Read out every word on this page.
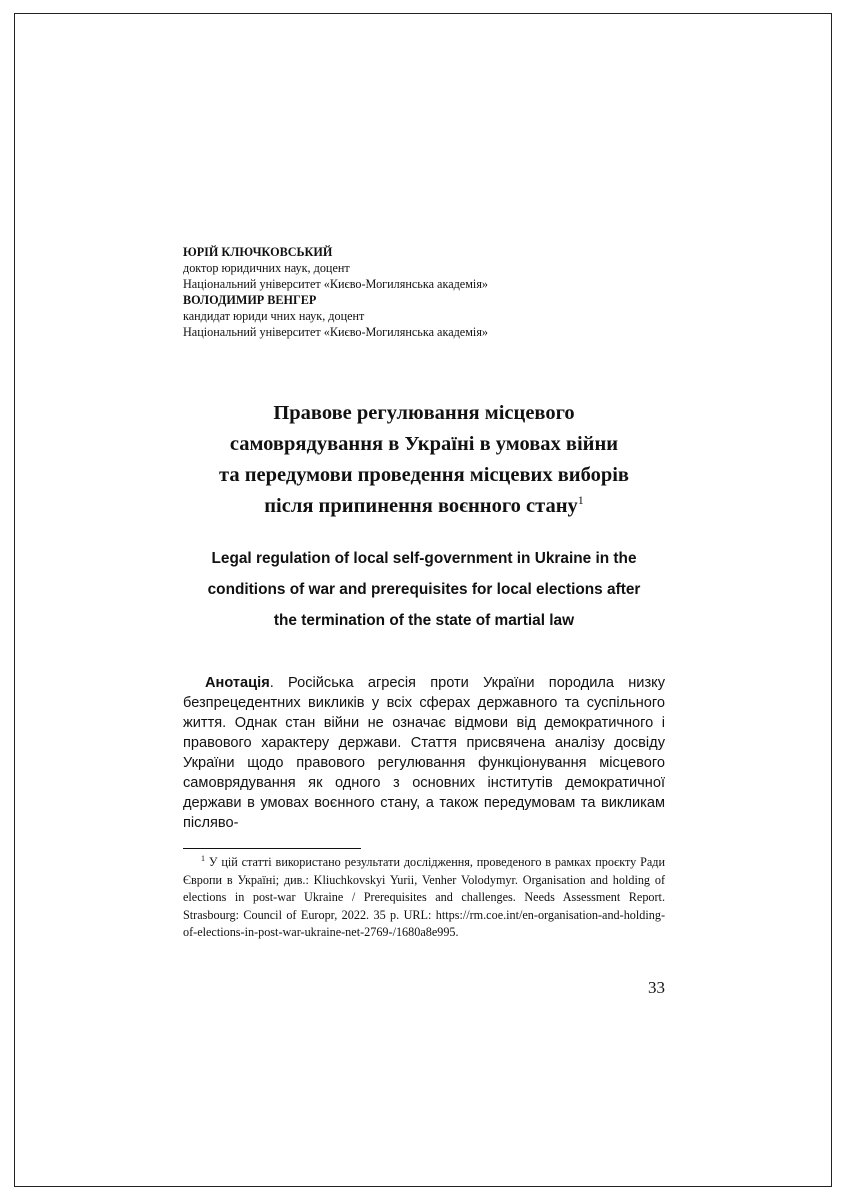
ЮРІЙ КЛЮЧКОВСЬКИЙ
доктор юридичних наук, доцент
Національний університет «Києво-Могилянська академія»
ВОЛОДИМИР ВЕНГЕР
кандидат юриди чних наук, доцент
Національний університет «Києво-Могилянська академія»
Правове регулювання місцевого
самоврядування в Україні в умовах війни
та передумови проведення місцевих виборів
після припинення воєнного стану$^1$
Legal regulation of local self-government in Ukraine in the
conditions of war and prerequisites for local elections after
the termination of the state of martial law

Анотація. Російська агресія проти України породила низку безпрецедентних викликів у всіх сферах державного та суспільного життя. Однак стан війни не означає відмови від демократичного і правового характеру держави. Стаття присвячена аналізу досвіду України щодо правового регулювання функціонування місцевого самоврядування як одного з основних інститутів демократичної держави в умовах воєнного стану, а також передумовам та викликам післяво-

$^1$ У цій статті використано результати дослідження, проведеного в рамках проєкту Ради Європи в Україні; див.: Kliuchkovskyi Yurii, Venher Volodymyr. Organisation and holding of elections in post-war Ukraine / Prerequisites and challenges. Needs Assessment Report. Strasbourg: Council of Europr, 2022. 35 p. URL: https://rm.coe.int/en-organisation-and-holding-of-elections-in-post-war-ukraine-net-2769-/1680a8e995.

33
